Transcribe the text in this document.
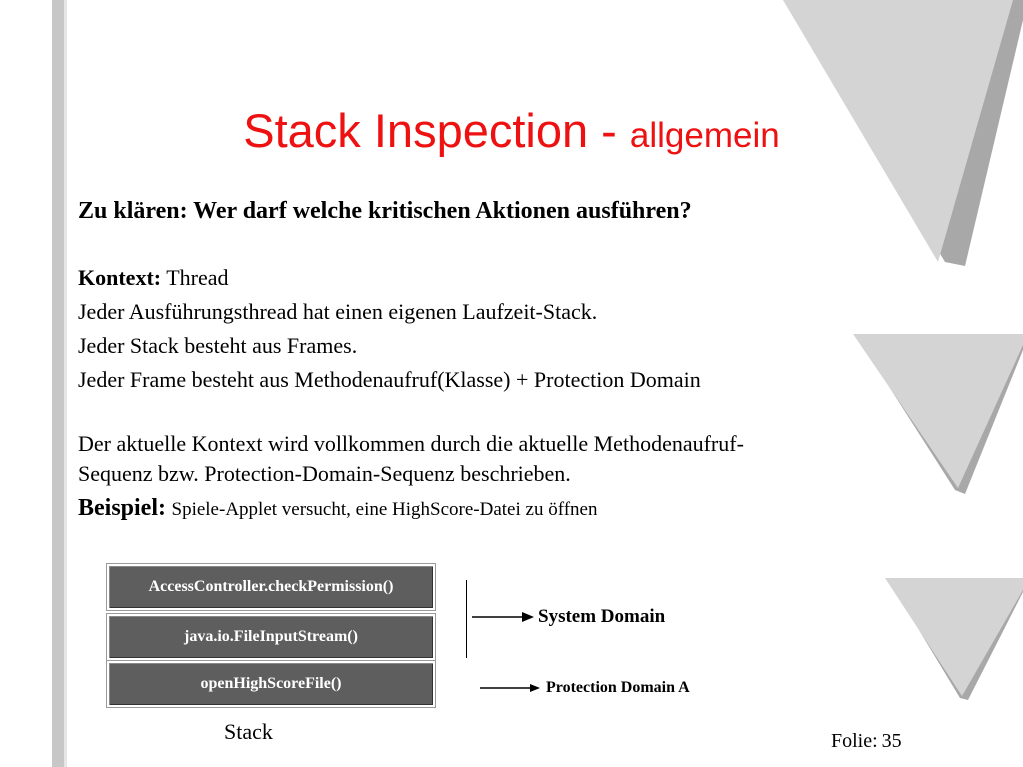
Stack Inspection - allgemein
Zu klären: Wer darf welche kritischen Aktionen ausführen?
Kontext: Thread
Jeder Ausführungsthread hat einen eigenen Laufzeit-Stack.
Jeder Stack besteht aus Frames.
Jeder Frame besteht aus Methodenaufruf(Klasse) + Protection Domain
Der aktuelle Kontext wird vollkommen durch die aktuelle Methodenaufruf-
Sequenz bzw. Protection-Domain-Sequenz beschrieben.
Beispiel: Spiele-Applet versucht, eine HighScore-Datei zu öffnen
AccessController.checkPermission()
java.io.FileInputStream()
openHighScoreFile()
System Domain
Protection Domain A
Stack	Folie: 35
